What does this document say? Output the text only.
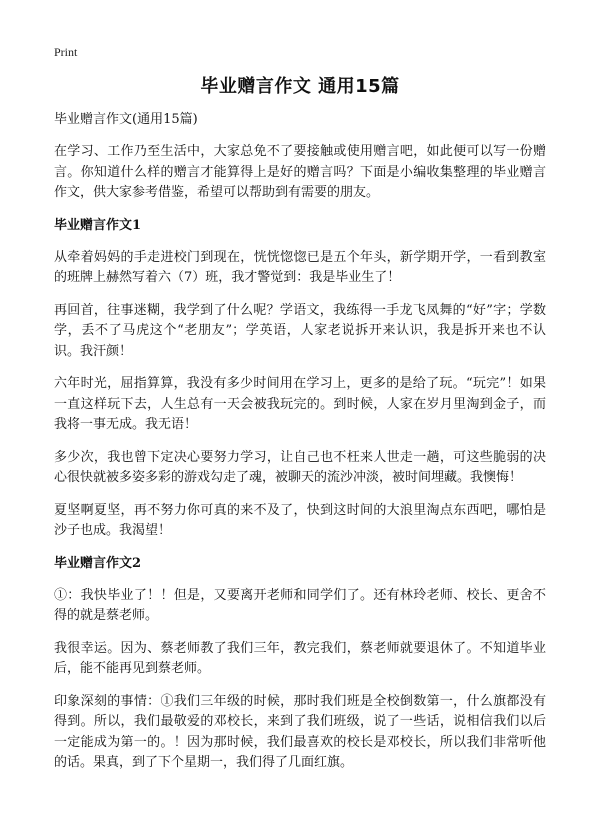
Print
毕业赠言作文 通用15篇
毕业赠言作文(通用15篇)

在学习、工作乃至生活中，大家总免不了要接触或使用赠言吧，如此便可以写一份赠言。你知道什么样的赠言才能算得上是好的赠言吗？下面是小编收集整理的毕业赠言作文，供大家参考借鉴，希望可以帮助到有需要的朋友。

毕业赠言作文1

从牵着妈妈的手走进校门到现在，恍恍惚惚已是五个年头，新学期开学，一看到教室的班牌上赫然写着六（7）班，我才警觉到：我是毕业生了！

再回首，往事迷糊，我学到了什么呢？学语文，我练得一手龙飞凤舞的“好”字；学数学，丢不了马虎这个“老朋友”；学英语，人家老说拆开来认识，我是拆开来也不认识。我汗颜！

六年时光，屈指算算，我没有多少时间用在学习上，更多的是给了玩。“玩完”！如果一直这样玩下去，人生总有一天会被我玩完的。到时候，人家在岁月里淘到金子，而我将一事无成。我无语！

多少次，我也曾下定决心要努力学习，让自己也不枉来人世走一趟，可这些脆弱的决心很快就被多姿多彩的游戏勾走了魂，被聊天的流沙冲淡，被时间埋藏。我懊悔！

夏坚啊夏坚，再不努力你可真的来不及了，快到这时间的大浪里淘点东西吧，哪怕是沙子也成。我渴望！

毕业赠言作文2

①：我快毕业了！！但是，又要离开老师和同学们了。还有林玲老师、校长、更舍不得的就是蔡老师。

我很幸运。因为、蔡老师教了我们三年，教完我们，蔡老师就要退休了。不知道毕业后，能不能再见到蔡老师。

印象深刻的事情：①我们三年级的时候，那时我们班是全校倒数第一，什么旗都没有得到。所以，我们最敬爱的邓校长，来到了我们班级，说了一些话，说相信我们以后一定能成为第一的。！因为那时候，我们最喜欢的校长是邓校长，所以我们非常听他的话。果真，到了下个星期一，我们得了几面红旗。
